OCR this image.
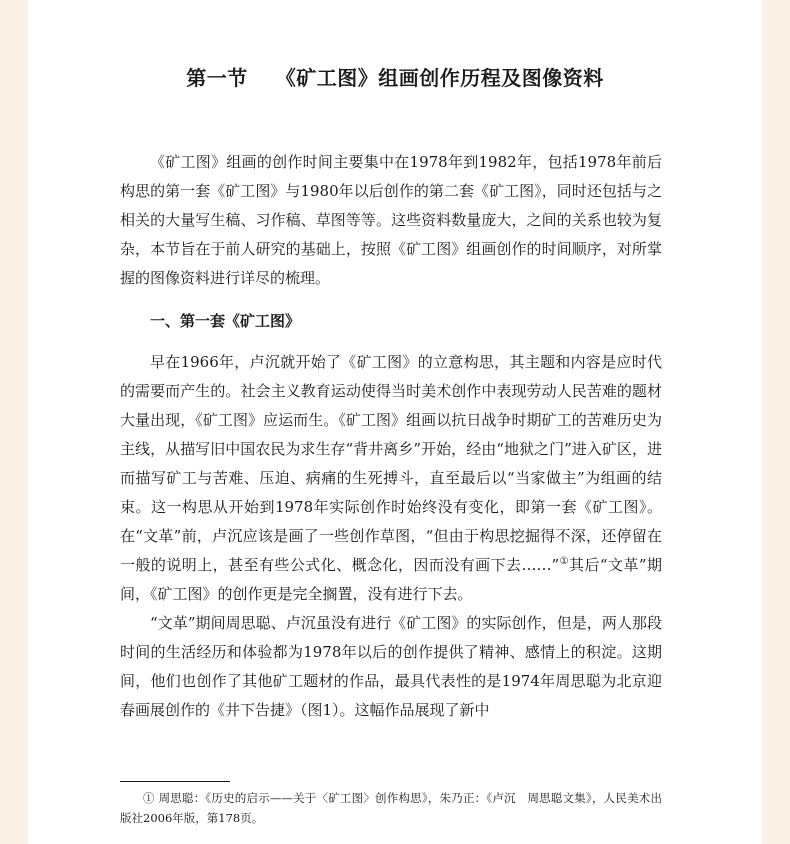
第一节 《矿工图》组画创作历程及图像资料

《矿工图》组画的创作时间主要集中在1978年到1982年，包括1978年前后构思的第一套《矿工图》与1980年以后创作的第二套《矿工图》，同时还包括与之相关的大量写生稿、习作稿、草图等等。这些资料数量庞大，之间的关系也较为复杂，本节旨在于前人研究的基础上，按照《矿工图》组画创作的时间顺序，对所掌握的图像资料进行详尽的梳理。

一、第一套《矿工图》

早在1966年，卢沉就开始了《矿工图》的立意构思，其主题和内容是应时代的需要而产生的。社会主义教育运动使得当时美术创作中表现劳动人民苦难的题材大量出现，《矿工图》应运而生。《矿工图》组画以抗日战争时期矿工的苦难历史为主线，从描写旧中国农民为求生存“背井离乡”开始，经由“地狱之门”进入矿区，进而描写矿工与苦难、压迫、病痛的生死搏斗，直至最后以“当家做主”为组画的结束。这一构思从开始到1978年实际创作时始终没有变化，即第一套《矿工图》。在“文革”前，卢沉应该是画了一些创作草图，“但由于构思挖掘得不深，还停留在一般的说明上，甚至有些公式化、概念化，因而没有画下去……”①其后“文革”期间，《矿工图》的创作更是完全搁置，没有进行下去。

“文革”期间周思聪、卢沉虽没有进行《矿工图》的实际创作，但是，两人那段时间的生活经历和体验都为1978年以后的创作提供了精神、感情上的积淀。这期间，他们也创作了其他矿工题材的作品，最具代表性的是1974年周思聪为北京迎春画展创作的《井下告捷》（图1）。这幅作品展现了新中

① 周思聪：《历史的启示——关于〈矿工图〉创作构思》，朱乃正：《卢沉　周思聪文集》，人民美术出版社2006年版，第178页。
